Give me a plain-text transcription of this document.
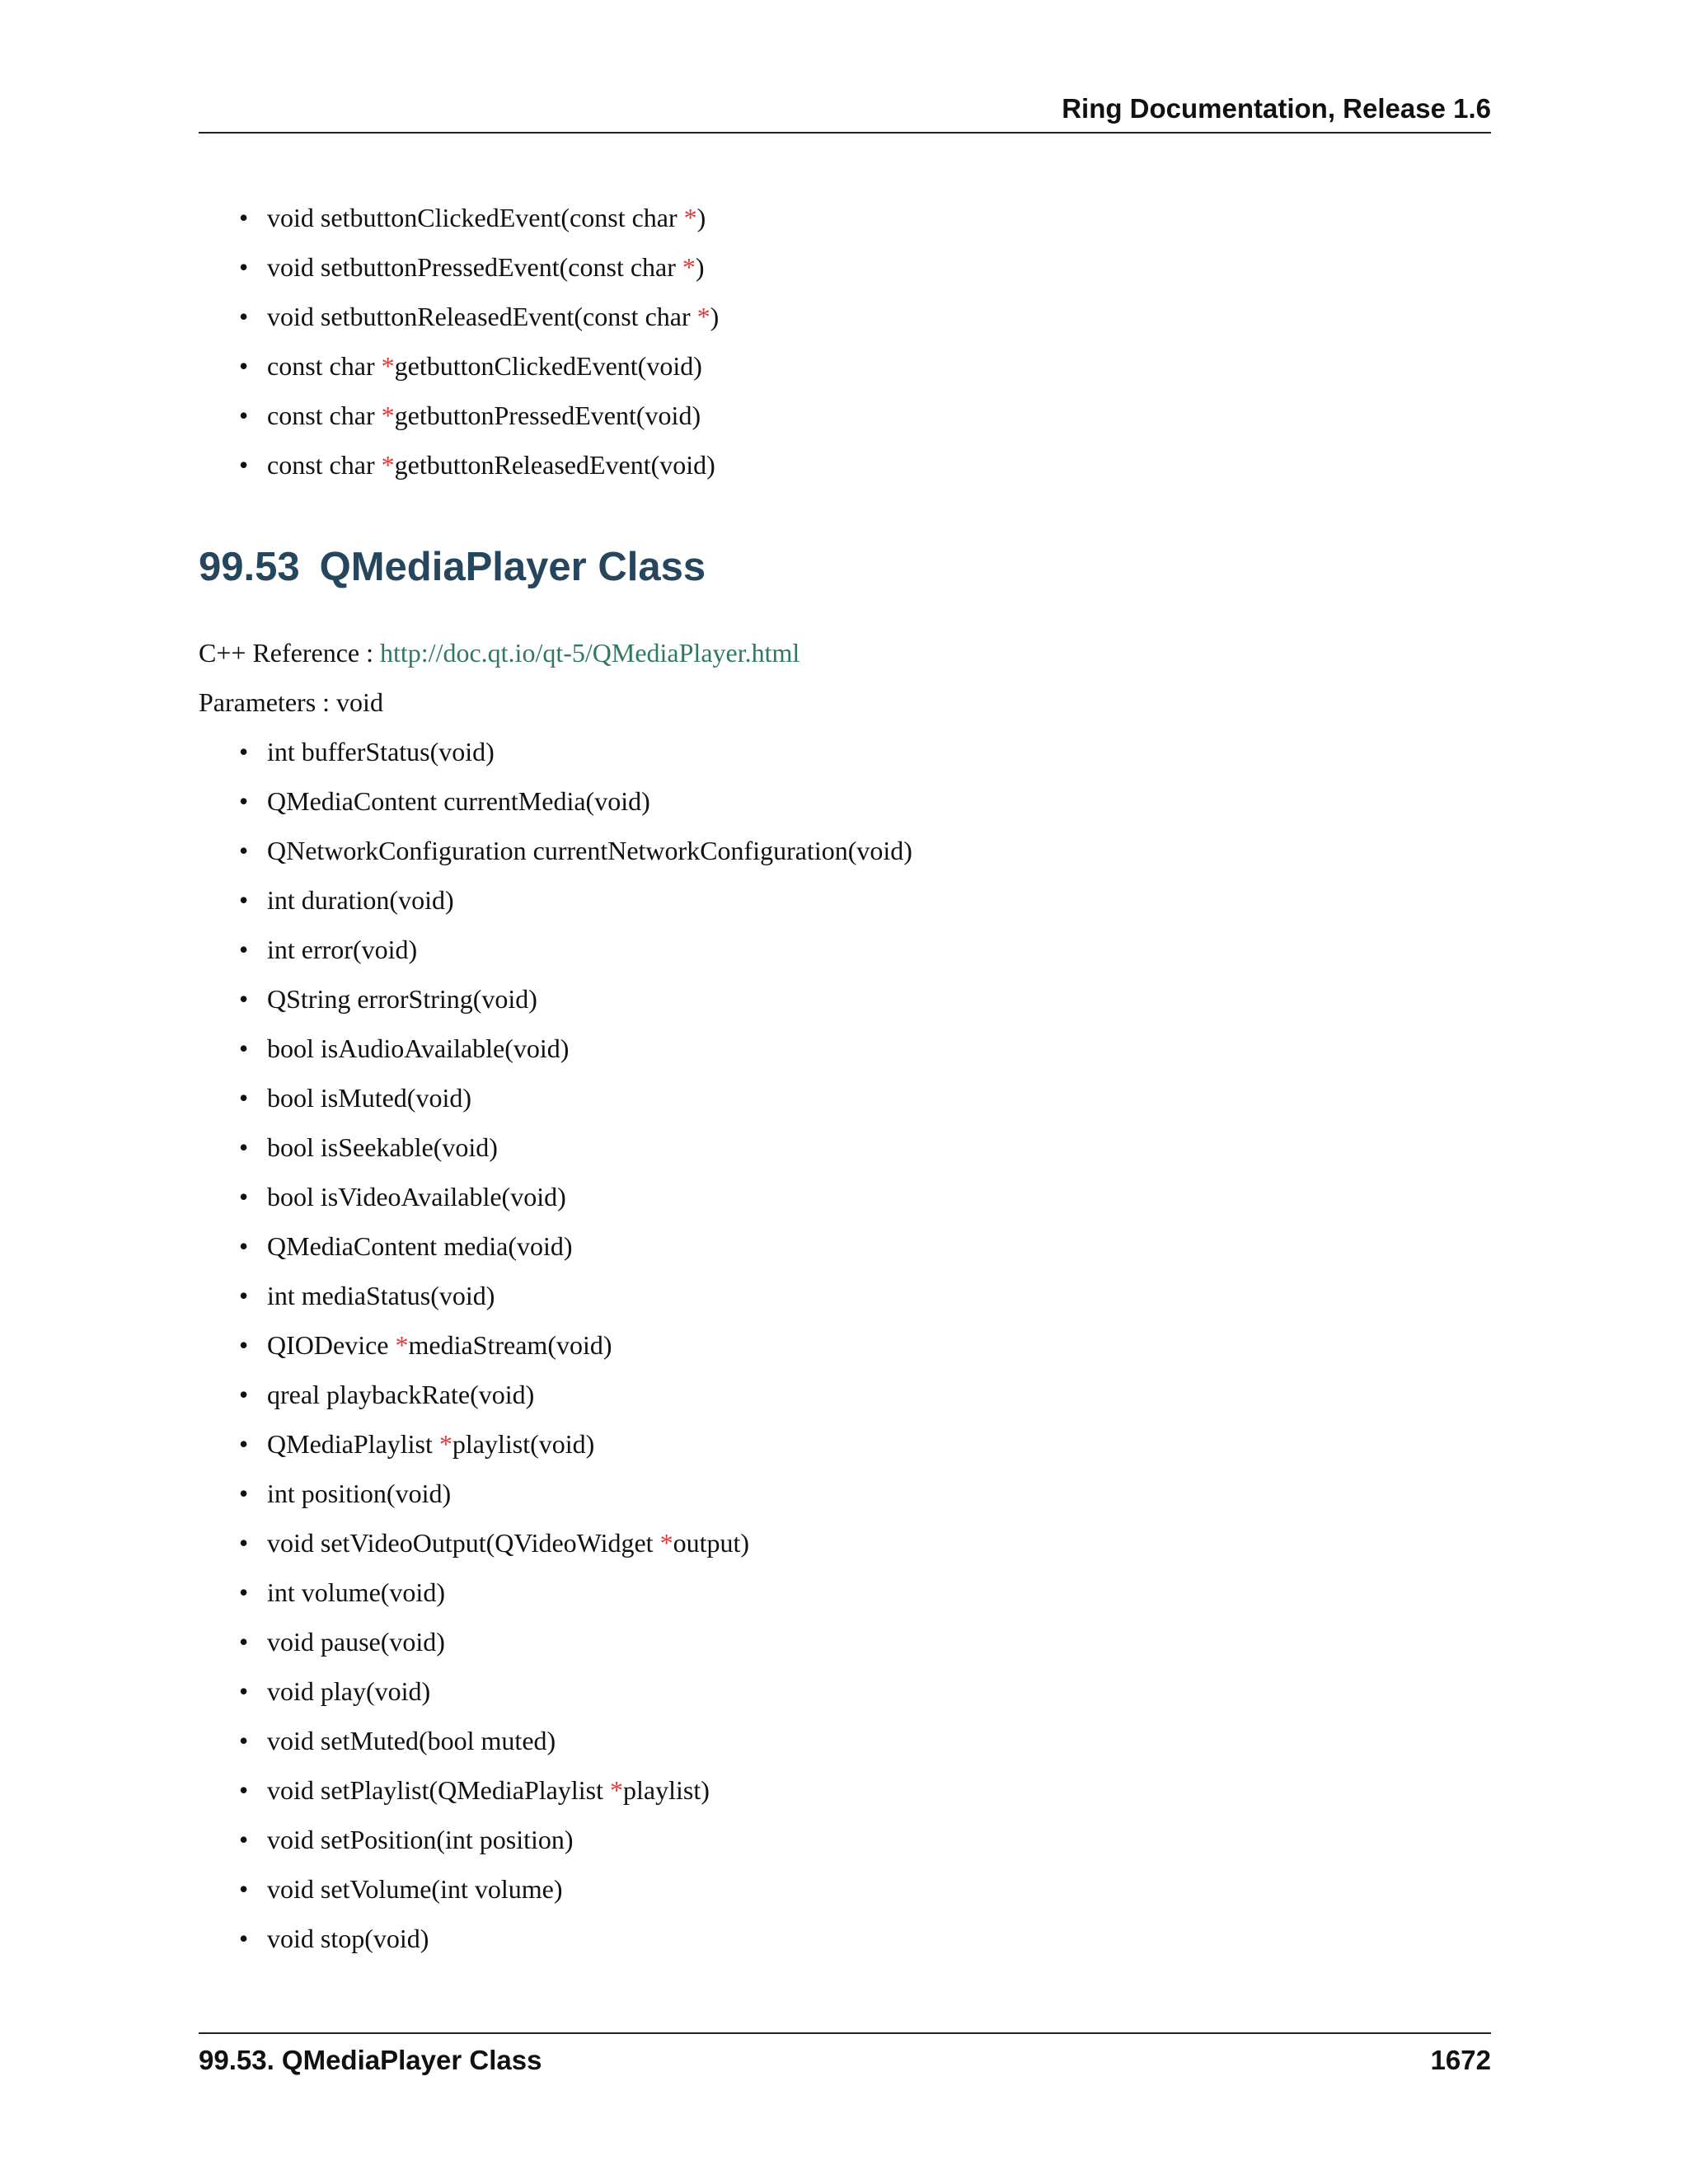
Ring Documentation, Release 1.6
• void setbuttonClickedEvent(const char *)
• void setbuttonPressedEvent(const char *)
• void setbuttonReleasedEvent(const char *)
• const char *getbuttonClickedEvent(void)
• const char *getbuttonPressedEvent(void)
• const char *getbuttonReleasedEvent(void)
99.53 QMediaPlayer Class
C++ Reference : http://doc.qt.io/qt-5/QMediaPlayer.html
Parameters : void
• int bufferStatus(void)
• QMediaContent currentMedia(void)
• QNetworkConfiguration currentNetworkConfiguration(void)
• int duration(void)
• int error(void)
• QString errorString(void)
• bool isAudioAvailable(void)
• bool isMuted(void)
• bool isSeekable(void)
• bool isVideoAvailable(void)
• QMediaContent media(void)
• int mediaStatus(void)
• QIODevice *mediaStream(void)
• qreal playbackRate(void)
• QMediaPlaylist *playlist(void)
• int position(void)
• void setVideoOutput(QVideoWidget *output)
• int volume(void)
• void pause(void)
• void play(void)
• void setMuted(bool muted)
• void setPlaylist(QMediaPlaylist *playlist)
• void setPosition(int position)
• void setVolume(int volume)
• void stop(void)
99.53. QMediaPlayer Class	1672
